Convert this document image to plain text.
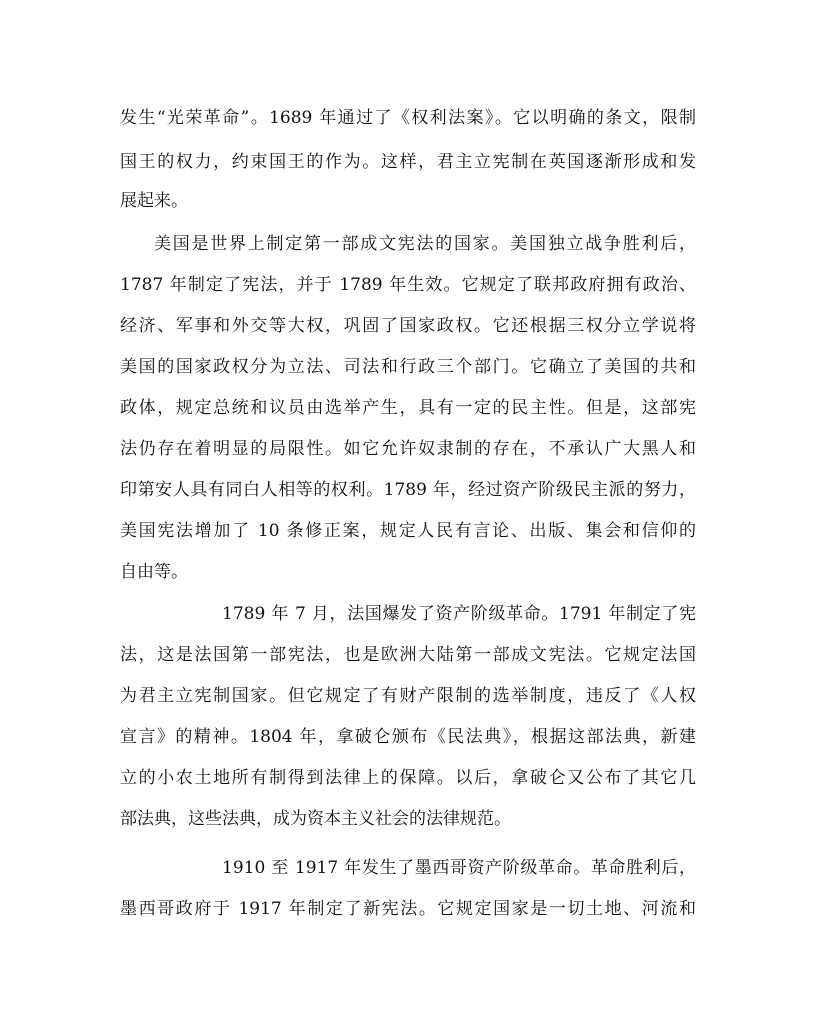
发生“光荣革命”。1689 年通过了《权利法案》。它以明确的条文，限制

国王的权力，约束国王的作为。这样，君主立宪制在英国逐渐形成和发

展起来。

美国是世界上制定第一部成文宪法的国家。美国独立战争胜利后，

1787 年制定了宪法，并于 1789 年生效。它规定了联邦政府拥有政治、

经济、军事和外交等大权，巩固了国家政权。它还根据三权分立学说将

美国的国家政权分为立法、司法和行政三个部门。它确立了美国的共和

政体，规定总统和议员由选举产生，具有一定的民主性。但是，这部宪

法仍存在着明显的局限性。如它允许奴隶制的存在，不承认广大黑人和

印第安人具有同白人相等的权利。1789 年，经过资产阶级民主派的努力，

美国宪法增加了 10 条修正案，规定人民有言论、出版、集会和信仰的

自由等。

1789 年 7 月，法国爆发了资产阶级革命。1791 年制定了宪

法，这是法国第一部宪法，也是欧洲大陆第一部成文宪法。它规定法国

为君主立宪制国家。但它规定了有财产限制的选举制度，违反了《人权

宣言》的精神。1804 年，拿破仑颁布《民法典》，根据这部法典，新建

立的小农土地所有制得到法律上的保障。以后，拿破仑又公布了其它几

部法典，这些法典，成为资本主义社会的法律规范。

1910 至 1917 年发生了墨西哥资产阶级革命。革命胜利后，

墨西哥政府于 1917 年制定了新宪法。它规定国家是一切土地、河流和
